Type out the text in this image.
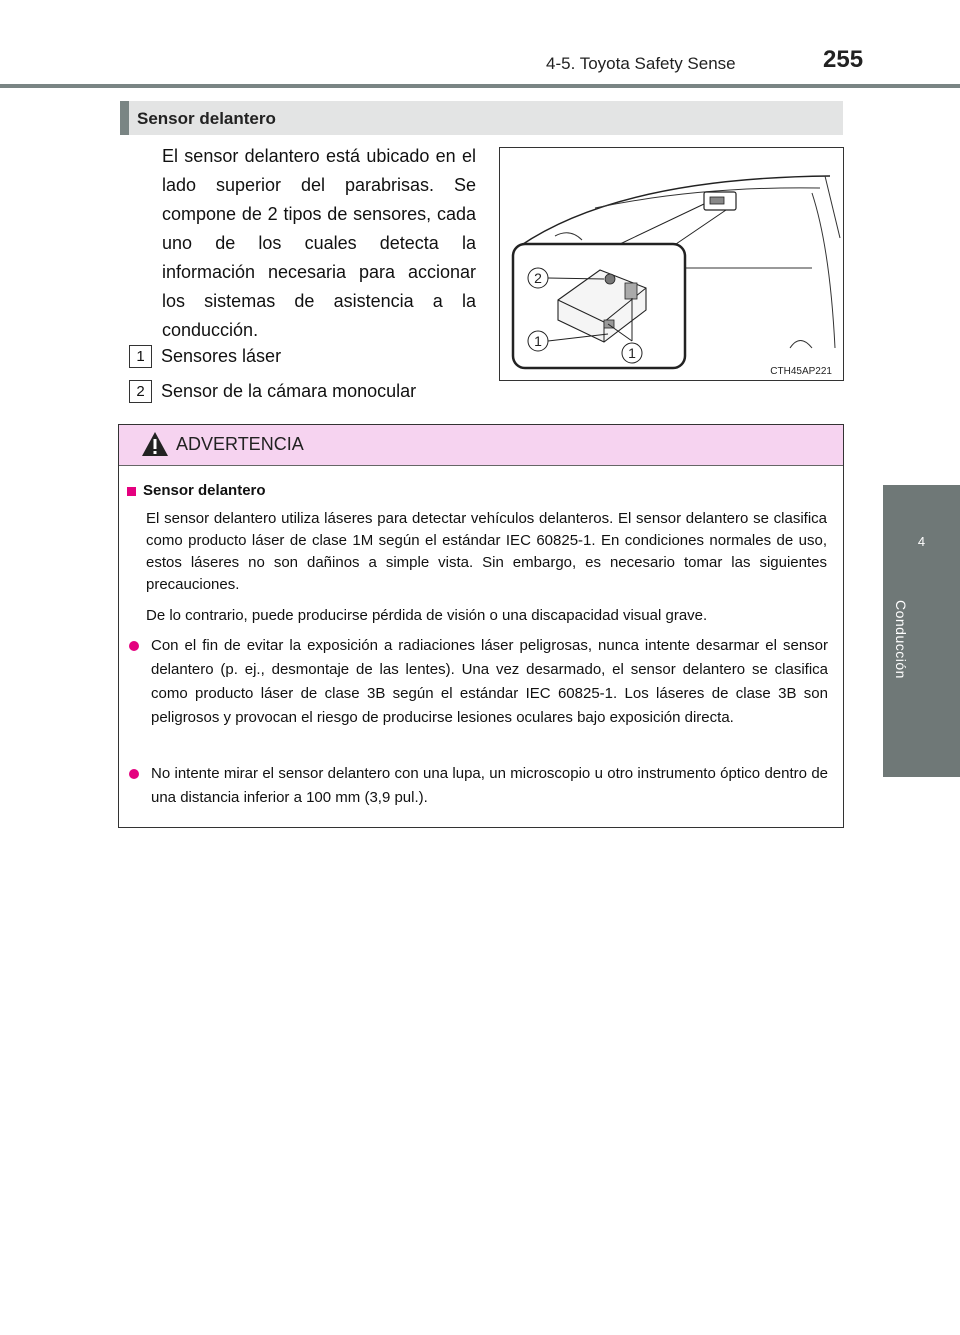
4-5. Toyota Safety Sense	255
4
Conducción
Sensor delantero
El sensor delantero está ubicado en el lado superior del parabrisas. Se compone de 2 tipos de sensores, cada uno de los cuales detecta la información necesaria para accionar los sistemas de asistencia a la conducción.
1 Sensores láser
2 Sensor de la cámara monocular
2
1
1
CTH45AP221
ADVERTENCIA
Sensor delantero
El sensor delantero utiliza láseres para detectar vehículos delanteros. El sensor delantero se clasifica como producto láser de clase 1M según el estándar IEC 60825-1. En condiciones normales de uso, estos láseres no son dañinos a simple vista. Sin embargo, es necesario tomar las siguientes precauciones.
De lo contrario, puede producirse pérdida de visión o una discapacidad visual grave.
Con el fin de evitar la exposición a radiaciones láser peligrosas, nunca intente desarmar el sensor delantero (p. ej., desmontaje de las lentes). Una vez desarmado, el sensor delantero se clasifica como producto láser de clase 3B según el estándar IEC 60825-1. Los láseres de clase 3B son peligrosos y provocan el riesgo de producirse lesiones oculares bajo exposición directa.
No intente mirar el sensor delantero con una lupa, un microscopio u otro instrumento óptico dentro de una distancia inferior a 100 mm (3,9 pul.).
